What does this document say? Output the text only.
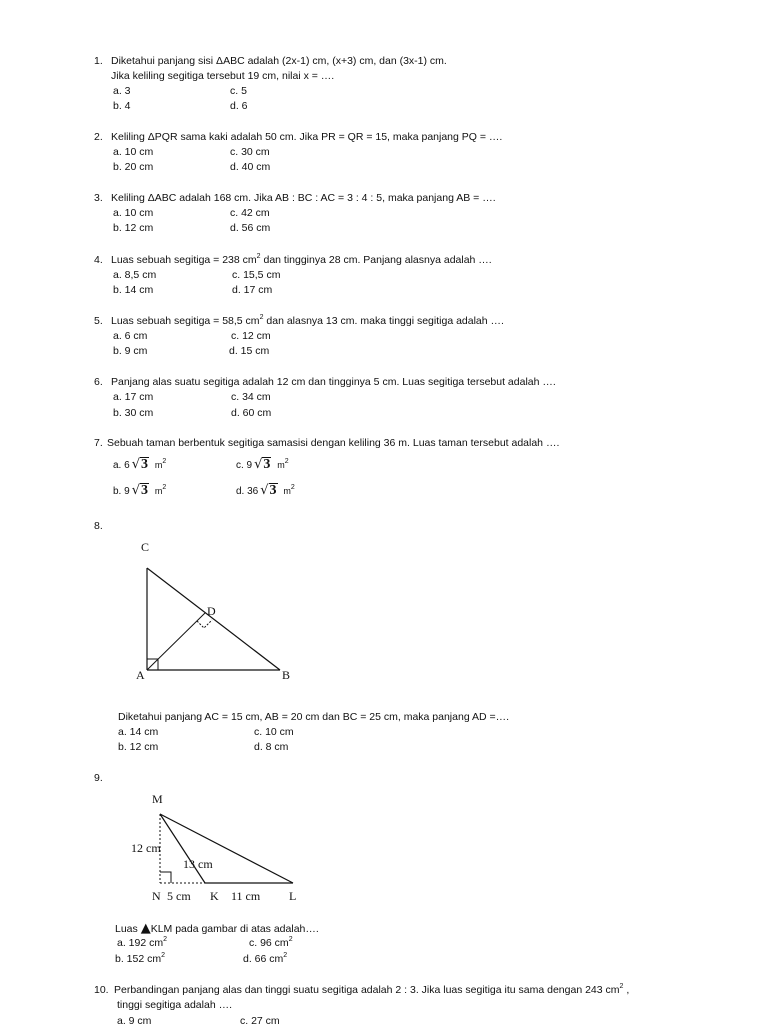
1. Diketahui panjang sisi ΔABC adalah (2x-1) cm, (x+3) cm, dan (3x-1) cm.
Jika keliling segitiga tersebut 19 cm, nilai x = ….
a. 3	c. 5
b. 4	d. 6
2. Keliling ΔPQR sama kaki adalah 50 cm. Jika PR = QR = 15, maka panjang PQ = ….
a. 10 cm	c. 30 cm
b. 20 cm	d. 40 cm
3. Keliling ΔABC adalah 168 cm. Jika AB : BC : AC = 3 : 4 : 5, maka panjang AB = ….
a. 10 cm	c. 42 cm
b. 12 cm	d. 56 cm
4. Luas sebuah segitiga = 238 $cm^2$ dan tingginya 28 cm. Panjang alasnya adalah ….
a. 8,5 cm	c. 15,5 cm
b. 14 cm	d. 17 cm
5. Luas sebuah segitiga = 58,5 $cm^2$ dan alasnya 13 cm. maka tinggi segitiga adalah ….
a. 6 cm	c. 12 cm
b. 9 cm	d. 15 cm
6. Panjang alas suatu segitiga adalah 12 cm dan tingginya 5 cm. Luas segitiga tersebut adalah ….
a. 17 cm	c. 34 cm
b. 30 cm	d. 60 cm
7. Sebuah taman berbentuk segitiga samasisi dengan keliling 36 m. Luas taman tersebut adalah ….
a. 6 √3 $m^2$	c. 9 √3 $m^2$
b. 9 √3 $m^2$	d. 36 √3 $m^2$
8.
C
D
A	B
Diketahui panjang AC = 15 cm, AB = 20 cm dan BC = 25 cm, maka panjang AD =….
a. 14 cm	c. 10 cm
b. 12 cm	d. 8 cm
9.
M
12 cm
13 cm
N 5 cm K 11 cm L
Luas ▲KLM pada gambar di atas adalah….
a. 192 $cm^2$	c. 96 $cm^2$
b. 152 $cm^2$	d. 66 $cm^2$
10. Perbandingan panjang alas dan tinggi suatu segitiga adalah 2 : 3. Jika luas segitiga itu sama dengan 243 $cm^2$ ,
tinggi segitiga adalah ….
a. 9 cm	c. 27 cm
